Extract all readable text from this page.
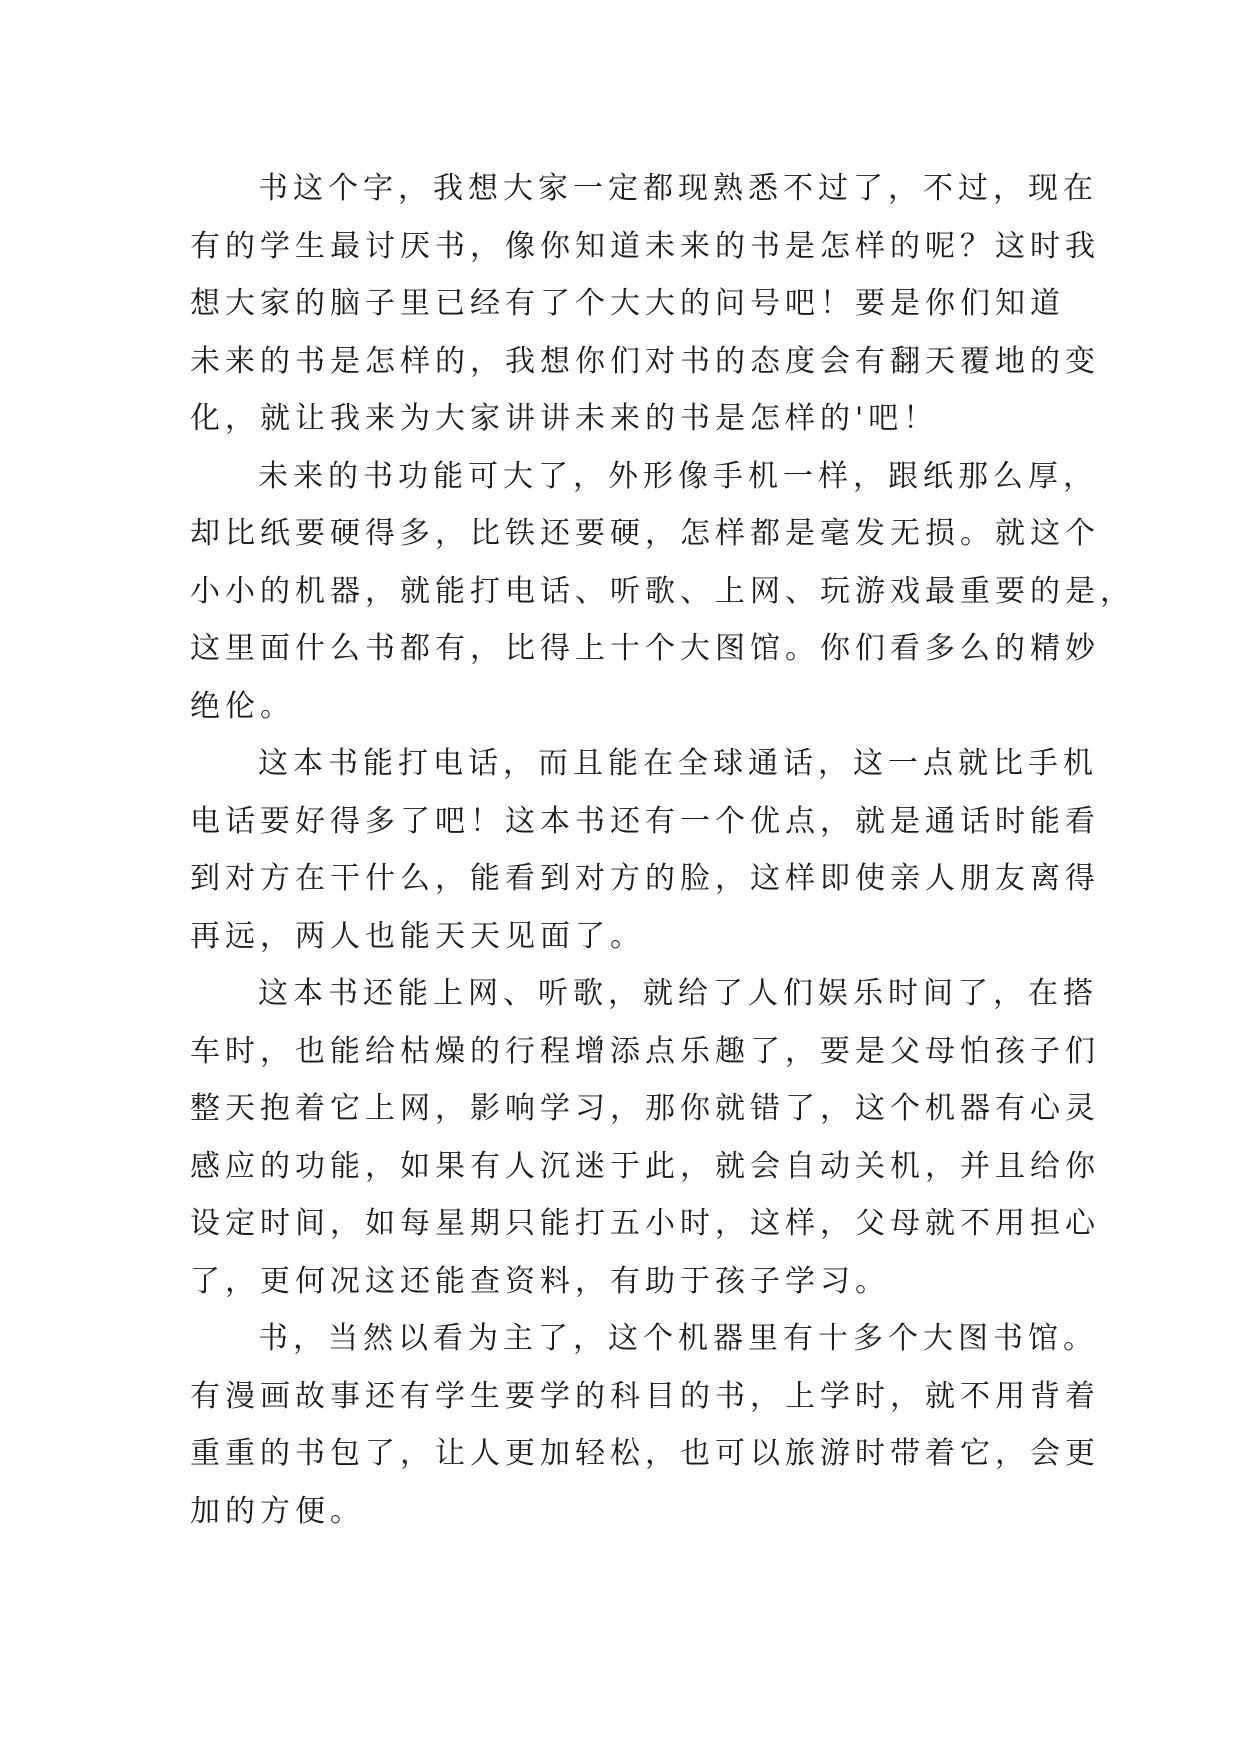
书这个字，我想大家一定都现熟悉不过了，不过，现在
有的学生最讨厌书，像你知道未来的书是怎样的呢？这时我
想大家的脑子里已经有了个大大的问号吧！要是你们知道
未来的书是怎样的，我想你们对书的态度会有翻天覆地的变
化，就让我来为大家讲讲未来的书是怎样的'吧！
未来的书功能可大了，外形像手机一样，跟纸那么厚，
却比纸要硬得多，比铁还要硬，怎样都是毫发无损。就这个
小小的机器，就能打电话、听歌、上网、玩游戏最重要的是，
这里面什么书都有，比得上十个大图馆。你们看多么的精妙
绝伦。
这本书能打电话，而且能在全球通话，这一点就比手机
电话要好得多了吧！这本书还有一个优点，就是通话时能看
到对方在干什么，能看到对方的脸，这样即使亲人朋友离得
再远，两人也能天天见面了。
这本书还能上网、听歌，就给了人们娱乐时间了，在搭
车时，也能给枯燥的行程增添点乐趣了，要是父母怕孩子们
整天抱着它上网，影响学习，那你就错了，这个机器有心灵
感应的功能，如果有人沉迷于此，就会自动关机，并且给你
设定时间，如每星期只能打五小时，这样，父母就不用担心
了，更何况这还能查资料，有助于孩子学习。
书，当然以看为主了，这个机器里有十多个大图书馆。
有漫画故事还有学生要学的科目的书，上学时，就不用背着
重重的书包了，让人更加轻松，也可以旅游时带着它，会更
加的方便。
